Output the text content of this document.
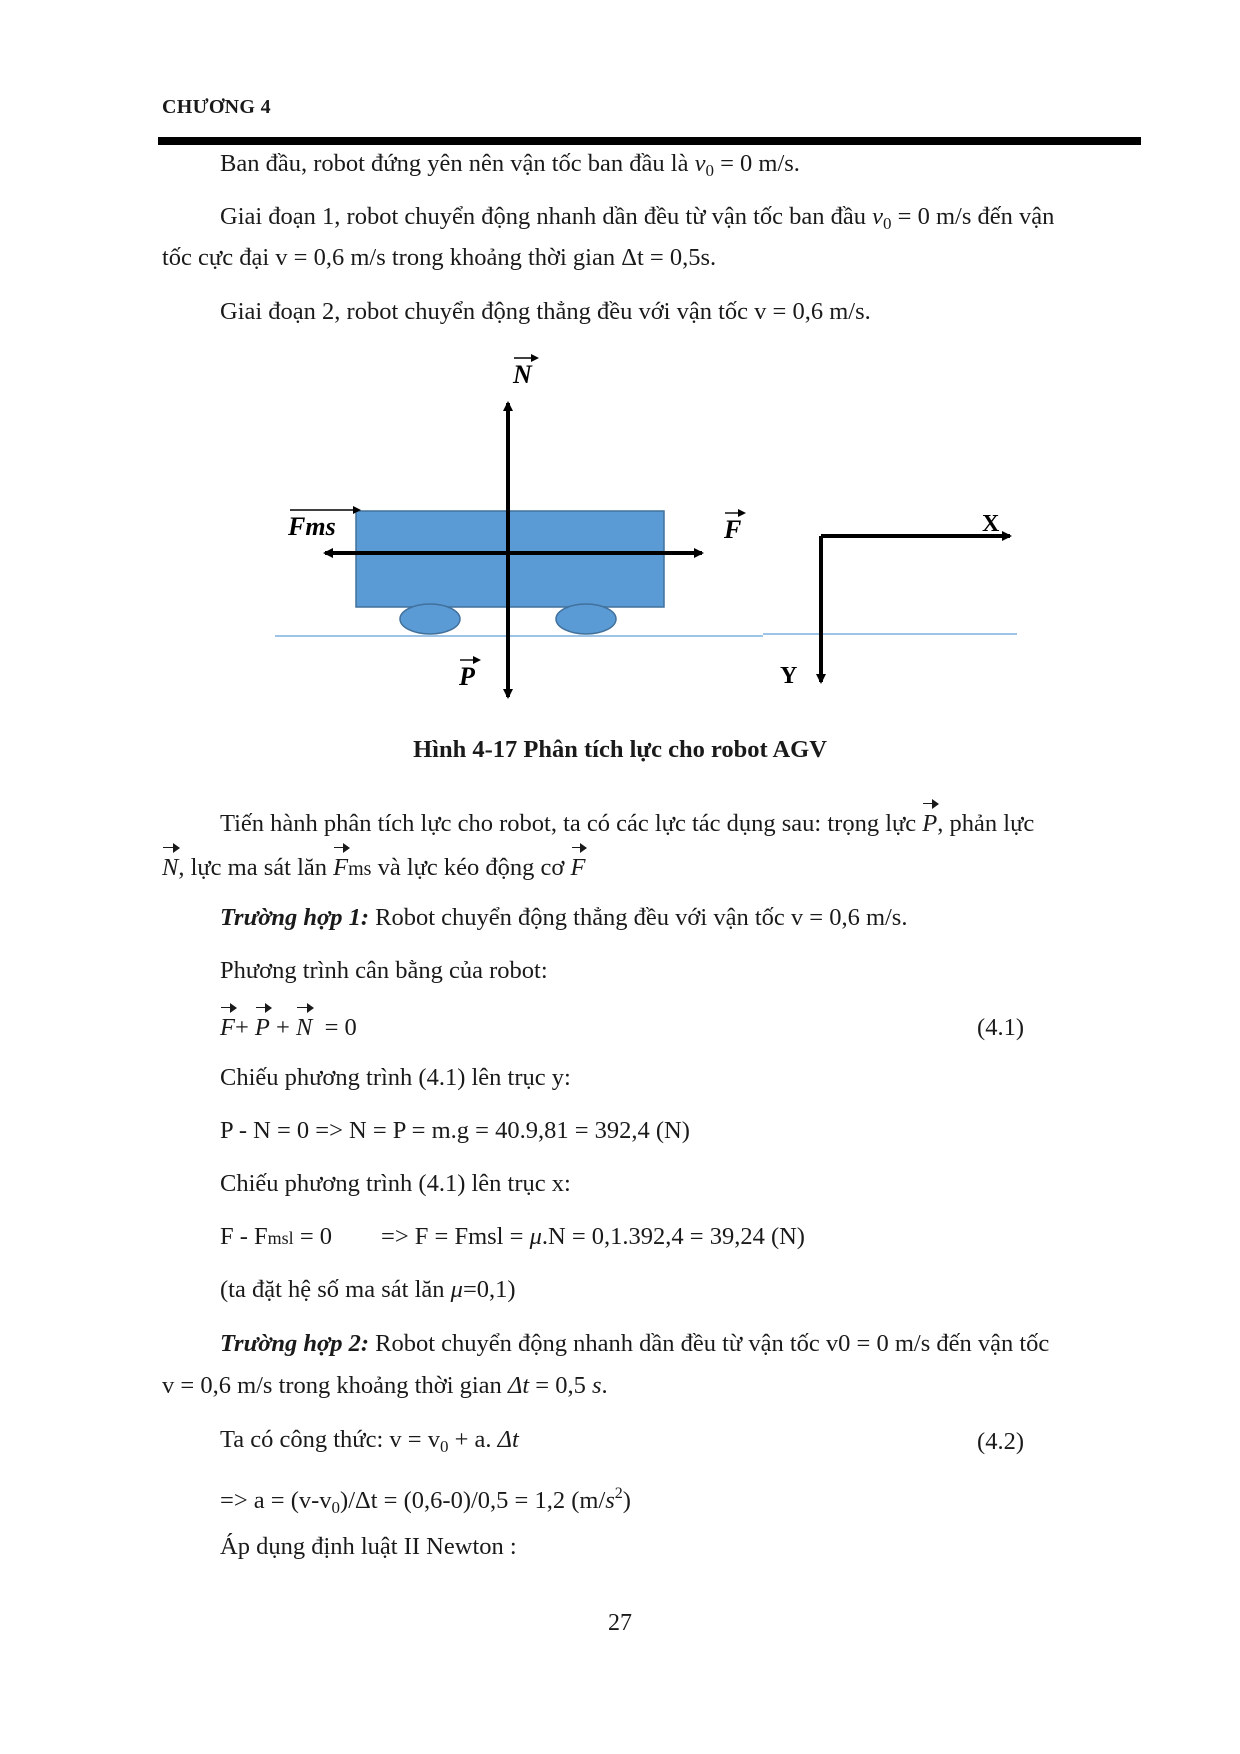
CHƯƠNG 4
Ban đầu, robot đứng yên nên vận tốc ban đầu là $v_0 = 0$ m/s.
Giai đoạn 1, robot chuyển động nhanh dần đều từ vận tốc ban đầu $v_0 = 0$ m/s đến vận
tốc cực đại v = 0,6 m/s trong khoảng thời gian Δt = 0,5s.
Giai đoạn 2, robot chuyển động thẳng đều với vận tốc v = 0,6 m/s.
N
Fms	F
P
X
Y
Hình 4-17 Phân tích lực cho robot AGV
Tiến hành phân tích lực cho robot, ta có các lực tác dụng sau: trọng lực P, phản lực
N, lực ma sát lăn Fms và lực kéo động cơ F
Trường hợp 1: Robot chuyển động thẳng đều với vận tốc v = 0,6 m/s.
Phương trình cân bằng của robot:
F+ P + N  = 0	(4.1)
Chiếu phương trình (4.1) lên trục y:
P - N = 0 => N = P = m.g = 40.9,81 = 392,4 (N)
Chiếu phương trình (4.1) lên trục x:
F - Fmsl = 0        => F = Fmsl = μ.N = 0,1.392,4 = 39,24 (N)
(ta đặt hệ số ma sát lăn μ=0,1)
Trường hợp 2: Robot chuyển động nhanh dần đều từ vận tốc v0 = 0 m/s đến vận tốc
v = 0,6 m/s trong khoảng thời gian Δt = 0,5 s.
Ta có công thức: $v = v_0 + a$. Δt	(4.2)
=> $a = (v-v_0)/\Delta t = (0,6-0)/0,5 = 1,2$ $(m/s^2)$
Áp dụng định luật II Newton :
27
